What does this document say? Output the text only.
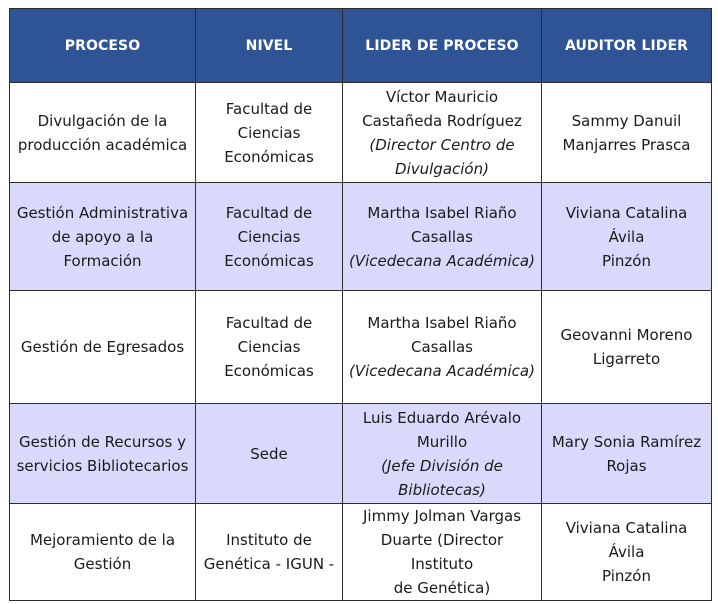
PROCESO	NIVEL	LIDER DE PROCESO	AUDITOR LIDER

Divulgación de la
producción académica	Facultad de
Ciencias
Económicas	Víctor Mauricio
Castañeda Rodríguez
(Director Centro de
Divulgación)	Sammy Danuil
Manjarres Prasca

Gestión Administrativa
de apoyo a la
Formación	Facultad de
Ciencias
Económicas	Martha Isabel Riaño
Casallas
(Vicedecana Académica)	Viviana Catalina Ávila
Pinzón

Gestión de Egresados	Facultad de
Ciencias
Económicas	Martha Isabel Riaño
Casallas
(Vicedecana Académica)	Geovanni Moreno
Ligarreto

Gestión de Recursos y
servicios Bibliotecarios	Sede	Luis Eduardo Arévalo
Murillo
(Jefe División de
Bibliotecas)	Mary Sonia Ramírez
Rojas

Mejoramiento de la
Gestión	Instituto de
Genética - IGUN -	Jimmy Jolman Vargas
Duarte (Director Instituto
de Genética)	Viviana Catalina Ávila
Pinzón
